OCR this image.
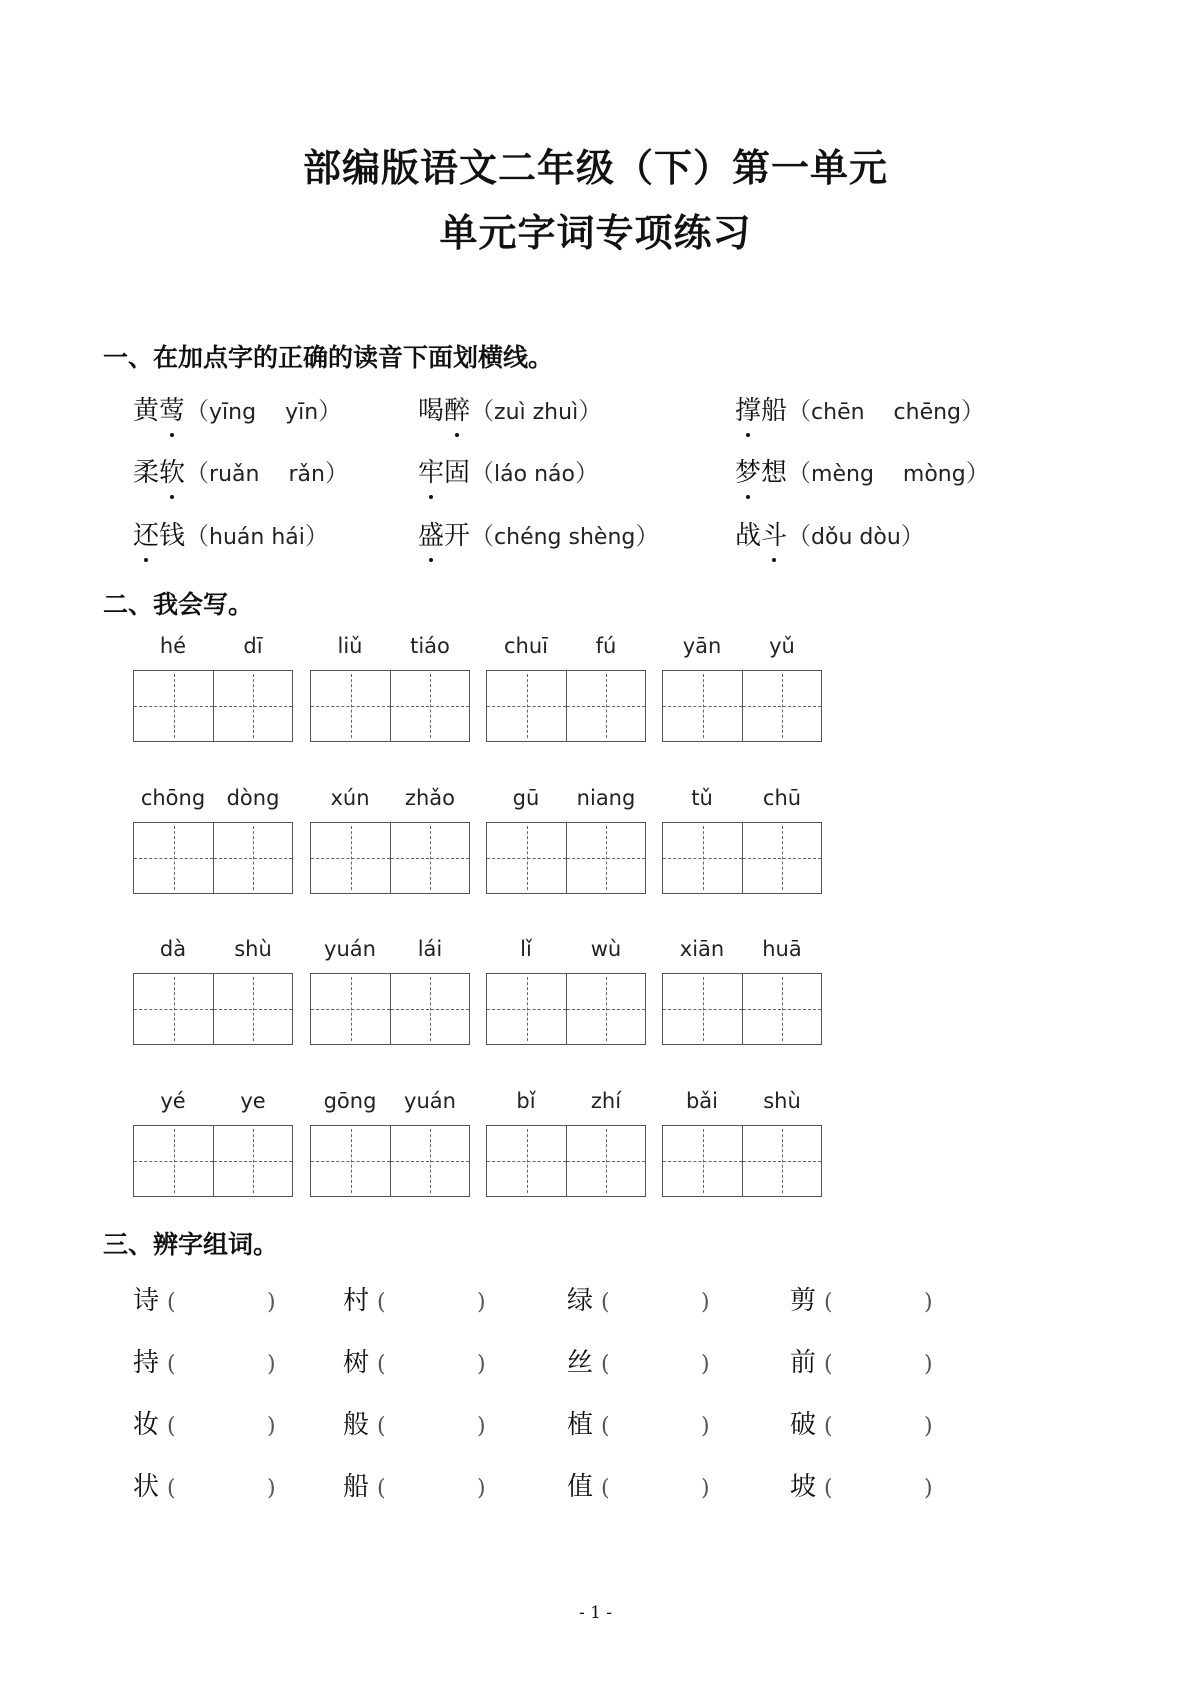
部编版语文二年级（下）第一单元
单元字词专项练习
一、在加点字的正确的读音下面划横线。
黄莺（yīng　 yīn）	喝醉（zuì zhuì）	撑船（chēn　 chēng）
柔软（ruǎn　 rǎn）	牢固（láo náo）	梦想（mèng　 mòng）
还钱（huán hái）	盛开（chéng shèng）	战斗（dǒu dòu）
二、我会写。
hé	dī	liǔ	tiáo	chuī	fú	yān	yǔ
chōng	dòng	xún	zhǎo	gū	niang	tǔ	chū
dà	shù	yuán	lái	lǐ	wù	xiān	huā
yé	ye	gōng	yuán	bǐ	zhí	bǎi	shù
三、辨字组词。
诗 (	)	村 (	)	绿 (	)	剪 (	)
持 (	)	树 (	)	丝 (	)	前 (	)
妆 (	)	般 (	)	植 (	)	破 (	)
状 (	)	船 (	)	值 (	)	坡 (	)
- 1 -
